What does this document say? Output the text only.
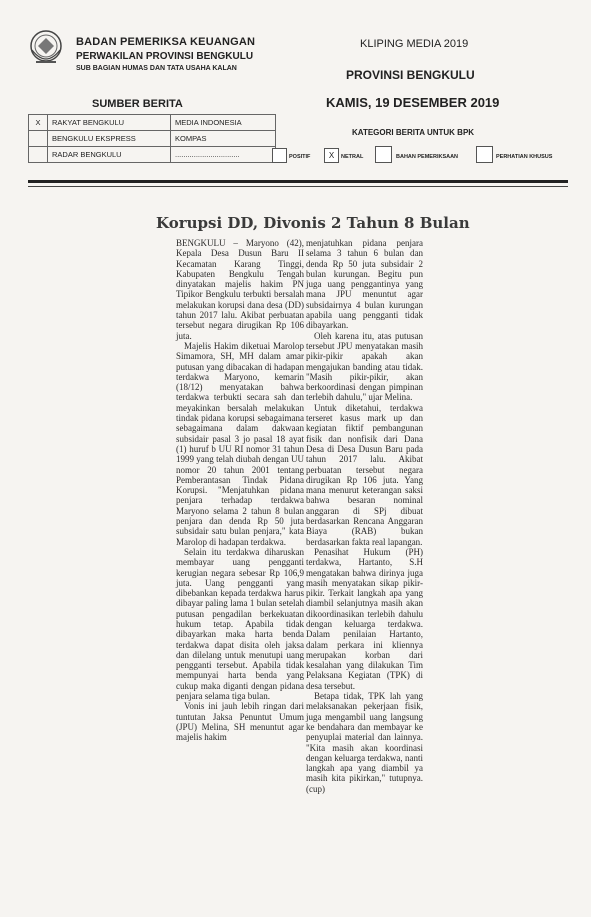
BADAN PEMERIKSA KEUANGAN
PERWAKILAN PROVINSI BENGKULU
SUB BAGIAN HUMAS DAN TATA USAHA KALAN
KLIPING MEDIA 2019
PROVINSI BENGKULU
KAMIS, 19 DESEMBER 2019
SUMBER BERITA
X	RAKYAT BENGKULU	MEDIA INDONESIA
	BENGKULU EKSPRESS	KOMPAS
	RADAR BENGKULU	...............................
KATEGORI BERITA UNTUK BPK
POSITIF	X	NETRAL	BAHAN PEMERIKSAAN	PERHATIAN KHUSUS
Korupsi DD, Divonis 2 Tahun 8 Bulan

BENGKULU – Maryono (42), Kepala Desa Dusun Baru II Kecamatan Karang Tinggi, Kabupaten Bengkulu Tengah dinyatakan majelis hakim PN Tipikor Bengkulu terbukti bersalah melakukan korupsi dana desa (DD) tahun 2017 lalu. Akibat perbuatan tersebut negara dirugikan Rp 106 juta.

Majelis Hakim diketuai Marolop Simamora, SH, MH dalam amar putusan yang dibacakan di hadapan terdakwa Maryono, kemarin (18/12) menyatakan bahwa terdakwa terbukti secara sah dan meyakinkan bersalah melakukan tindak pidana korupsi sebagaimana sebagaimana dalam dakwaan subsidair pasal 3 jo pasal 18 ayat (1) huruf b UU RI nomor 31 tahun 1999 yang telah diubah dengan UU nomor 20 tahun 2001 tentang Pemberantasan Tindak Pidana Korupsi. "Menjatuhkan pidana penjara terhadap terdakwa Maryono selama 2 tahun 8 bulan penjara dan denda Rp 50 juta subsidair satu bulan penjara," kata Marolop di hadapan terdakwa.

Selain itu terdakwa diharuskan membayar uang pengganti kerugian negara sebesar Rp 106,9 juta. Uang pengganti yang dibebankan kepada terdakwa harus dibayar paling lama 1 bulan setelah putusan pengadilan berkekuatan hukum tetap. Apabila tidak dibayarkan maka harta benda terdakwa dapat disita oleh jaksa dan dilelang untuk menutupi uang pengganti tersebut. Apabila tidak mempunyai harta benda yang cukup maka diganti dengan pidana penjara selama tiga bulan.

Vonis ini jauh lebih ringan dari tuntutan Jaksa Penuntut Umum (JPU) Melina, SH menuntut agar majelis hakim

menjatuhkan pidana penjara selama 3 tahun 6 bulan dan denda Rp 50 juta subsidair 2 bulan kurungan. Begitu pun juga uang penggantinya yang mana JPU menuntut agar subsidairnya 4 bulan kurungan apabila uang pengganti tidak dibayarkan.

Oleh karena itu, atas putusan tersebut JPU menyatakan masih pikir-pikir apakah akan mengajukan banding atau tidak. "Masih pikir-pikir, akan berkoordinasi dengan pimpinan terlebih dahulu," ujar Melina.

Untuk diketahui, terdakwa terseret kasus mark up dan kegiatan fiktif pembangunan fisik dan nonfisik dari Dana Desa di Desa Dusun Baru pada tahun 2017 lalu. Akibat perbuatan tersebut negara dirugikan Rp 106 juta. Yang mana menurut keterangan saksi bahwa besaran nominal anggaran di SPj dibuat berdasarkan Rencana Anggaran Biaya (RAB) bukan berdasarkan fakta real lapangan.

Penasihat Hukum (PH) terdakwa, Hartanto, S.H mengatakan bahwa dirinya juga masih menyatakan sikap pikir-pikir. Terkait langkah apa yang diambil selanjutnya masih akan dikoordinasikan terlebih dahulu dengan keluarga terdakwa. Dalam penilaian Hartanto, dalam perkara ini kliennya merupakan korban dari kesalahan yang dilakukan Tim Pelaksana Kegiatan (TPK) di desa tersebut.

Betapa tidak, TPK lah yang melaksanakan pekerjaan fisik, juga mengambil uang langsung ke bendahara dan membayar ke penyuplai material dan lainnya. "Kita masih akan koordinasi dengan keluarga terdakwa, nanti langkah apa yang diambil ya masih kita pikirkan," tutupnya.(cup)
